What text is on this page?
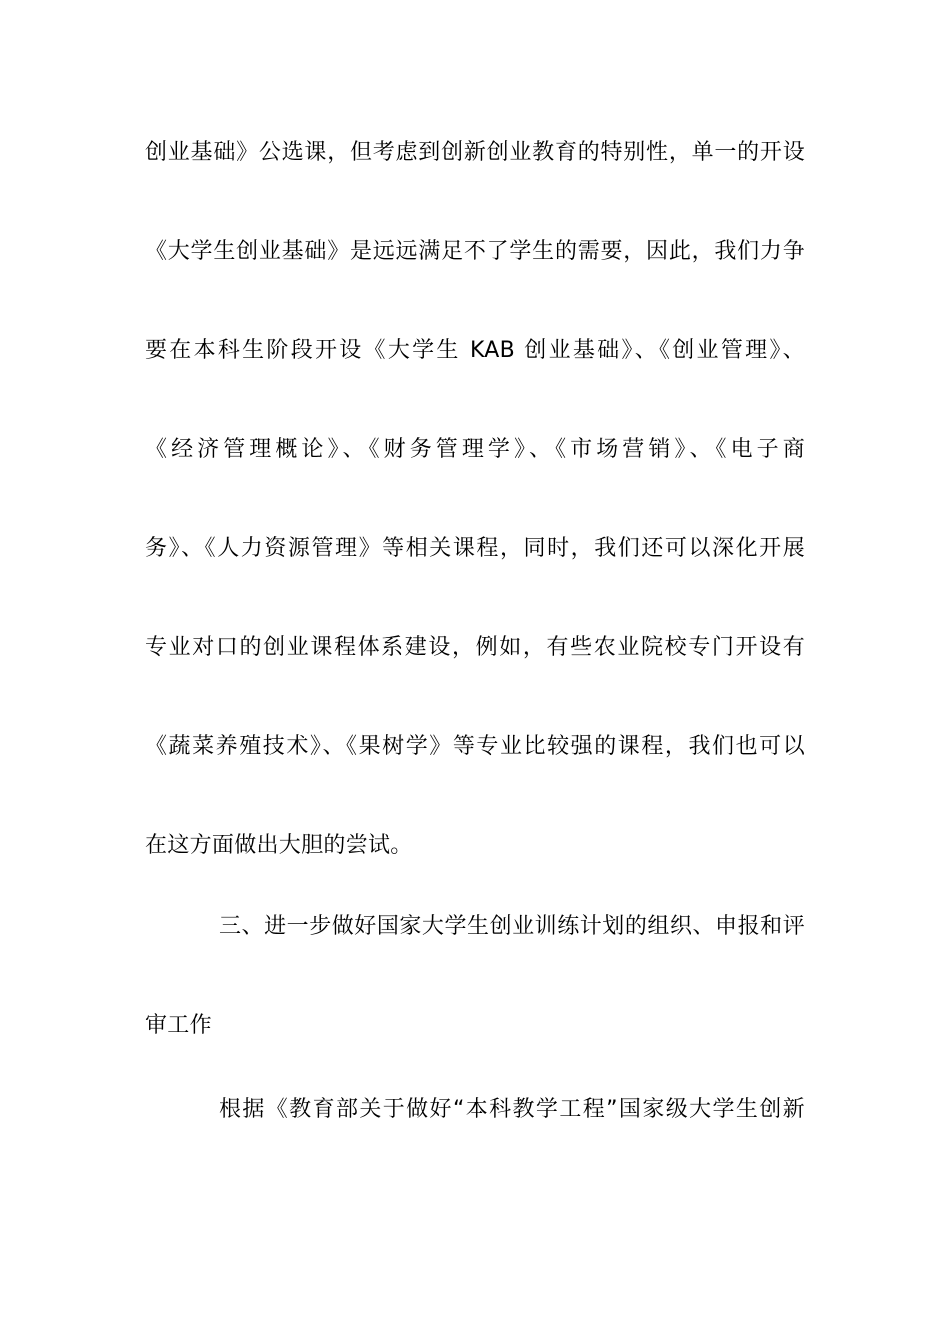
创业基础》公选课，但考虑到创新创业教育的特别性，单一的开设
《大学生创业基础》是远远满足不了学生的需要，因此，我们力争
要在本科生阶段开设《大学生 KAB 创业基础》、《创业管理》、
《经济管理概论》、《财务管理学》、《市场营销》、《电子商
务》、《人力资源管理》等相关课程，同时，我们还可以深化开展
专业对口的创业课程体系建设，例如，有些农业院校专门开设有
《蔬菜养殖技术》、《果树学》等专业比较强的课程，我们也可以
在这方面做出大胆的尝试。
三、进一步做好国家大学生创业训练计划的组织、申报和评
审工作
根据《教育部关于做好“本科教学工程”国家级大学生创新
